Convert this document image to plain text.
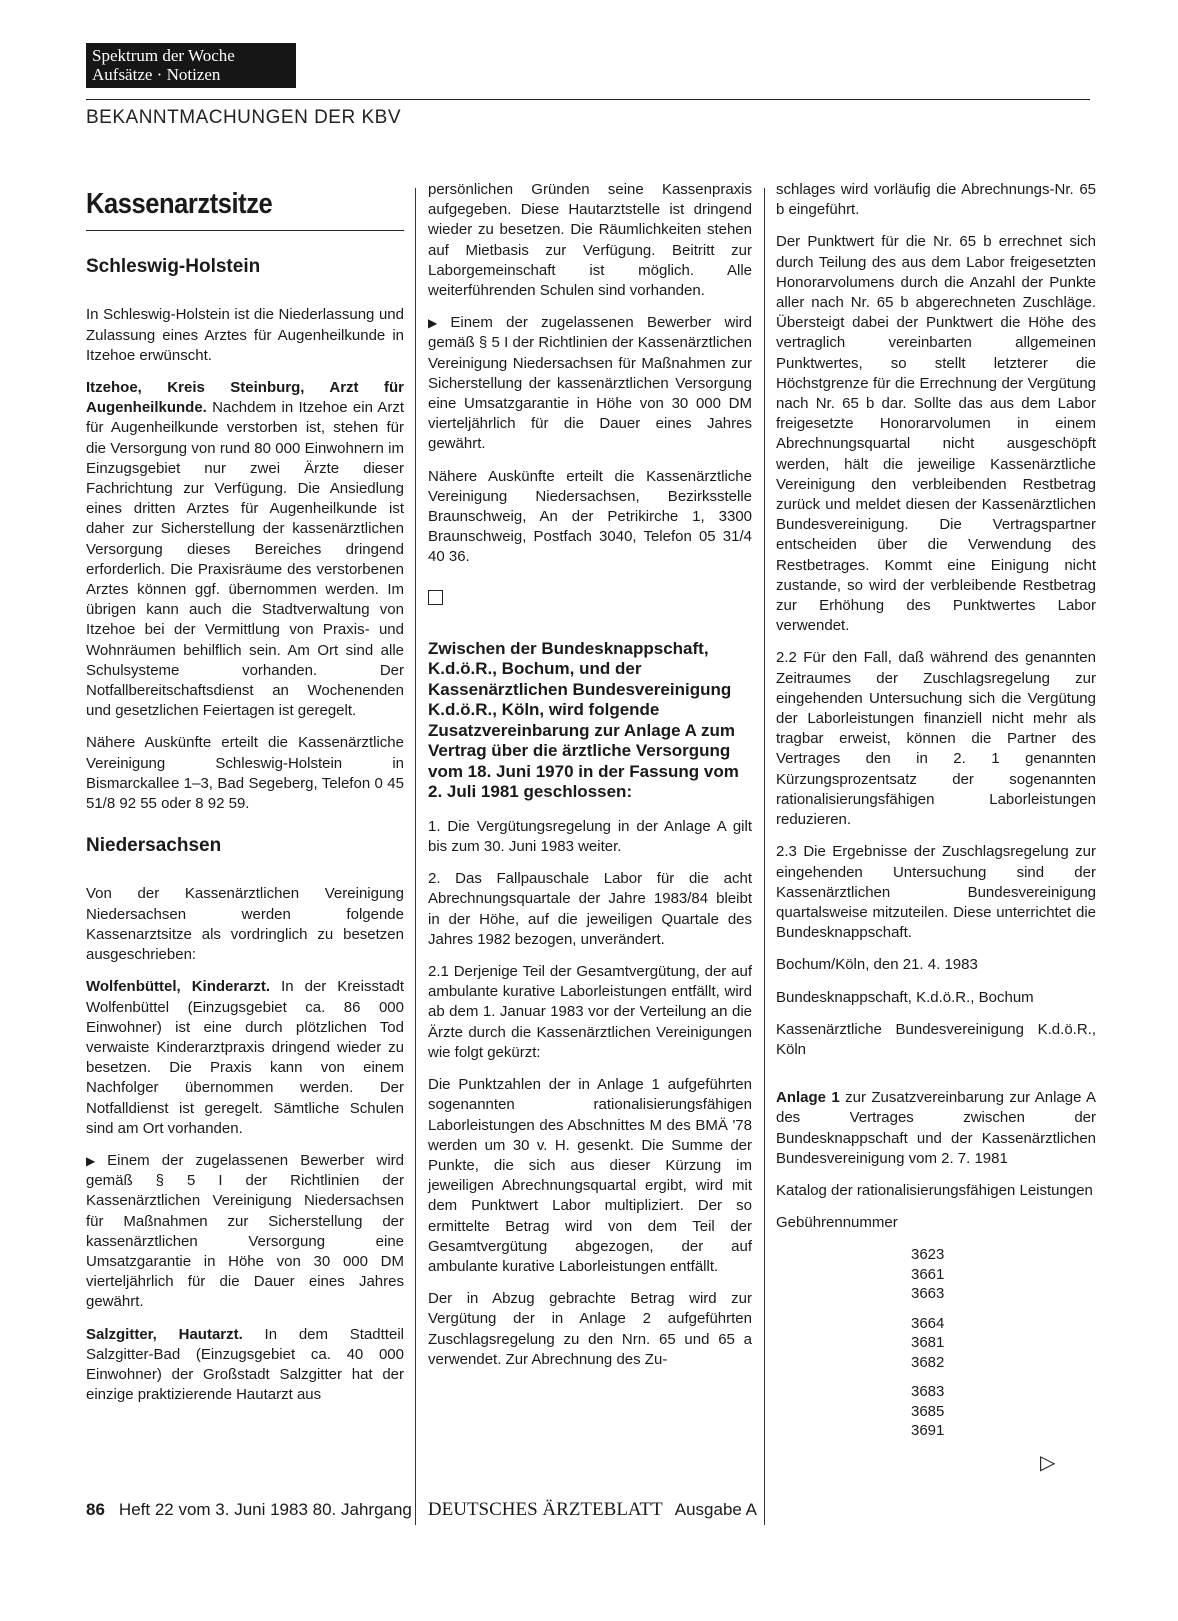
Spektrum der Woche
Aufsätze · Notizen
BEKANNTMACHUNGEN DER KBV
Kassenarztsitze
Schleswig-Holstein

In Schleswig-Holstein ist die Niederlassung und Zulassung eines Arztes für Augenheilkunde in Itzehoe erwünscht.

Itzehoe, Kreis Steinburg, Arzt für Augenheilkunde. Nachdem in Itzehoe ein Arzt für Augenheilkunde verstorben ist, stehen für die Versorgung von rund 80 000 Einwohnern im Einzugsgebiet nur zwei Ärzte dieser Fachrichtung zur Verfügung. Die Ansiedlung eines dritten Arztes für Augenheilkunde ist daher zur Sicherstellung der kassenärztlichen Versorgung dieses Bereiches dringend erforderlich. Die Praxisräume des verstorbenen Arztes können ggf. übernommen werden. Im übrigen kann auch die Stadtverwaltung von Itzehoe bei der Vermittlung von Praxis- und Wohnräumen behilflich sein. Am Ort sind alle Schulsysteme vorhanden. Der Notfallbereitschaftsdienst an Wochenenden und gesetzlichen Feiertagen ist geregelt.

Nähere Auskünfte erteilt die Kassenärztliche Vereinigung Schleswig-Holstein in Bismarckallee 1–3, Bad Segeberg, Telefon 0 45 51/8 92 55 oder 8 92 59.

Niedersachsen

Von der Kassenärztlichen Vereinigung Niedersachsen werden folgende Kassenarztsitze als vordringlich zu besetzen ausgeschrieben:

Wolfenbüttel, Kinderarzt. In der Kreisstadt Wolfenbüttel (Einzugsgebiet ca. 86 000 Einwohner) ist eine durch plötzlichen Tod verwaiste Kinderarztpraxis dringend wieder zu besetzen. Die Praxis kann von einem Nachfolger übernommen werden. Der Notfalldienst ist geregelt. Sämtliche Schulen sind am Ort vorhanden.

▶ Einem der zugelassenen Bewerber wird gemäß § 5 I der Richtlinien der Kassenärztlichen Vereinigung Niedersachsen für Maßnahmen zur Sicherstellung der kassenärztlichen Versorgung eine Umsatzgarantie in Höhe von 30 000 DM vierteljährlich für die Dauer eines Jahres gewährt.

Salzgitter, Hautarzt. In dem Stadtteil Salzgitter-Bad (Einzugsgebiet ca. 40 000 Einwohner) der Großstadt Salzgitter hat der einzige praktizierende Hautarzt aus

persönlichen Gründen seine Kassenpraxis aufgegeben. Diese Hautarztstelle ist dringend wieder zu besetzen. Die Räumlichkeiten stehen auf Mietbasis zur Verfügung. Beitritt zur Laborgemeinschaft ist möglich. Alle weiterführenden Schulen sind vorhanden.

▶ Einem der zugelassenen Bewerber wird gemäß § 5 I der Richtlinien der Kassenärztlichen Vereinigung Niedersachsen für Maßnahmen zur Sicherstellung der kassenärztlichen Versorgung eine Umsatzgarantie in Höhe von 30 000 DM vierteljährlich für die Dauer eines Jahres gewährt.

Nähere Auskünfte erteilt die Kassenärztliche Vereinigung Niedersachsen, Bezirksstelle Braunschweig, An der Petrikirche 1, 3300 Braunschweig, Postfach 3040, Telefon 05 31/4 40 36.

Zwischen der Bundesknappschaft, K.d.ö.R., Bochum, und der Kassenärztlichen Bundesvereinigung K.d.ö.R., Köln, wird folgende Zusatzvereinbarung zur Anlage A zum Vertrag über die ärztliche Versorgung vom 18. Juni 1970 in der Fassung vom 2. Juli 1981 geschlossen:

1. Die Vergütungsregelung in der Anlage A gilt bis zum 30. Juni 1983 weiter.

2. Das Fallpauschale Labor für die acht Abrechnungsquartale der Jahre 1983/84 bleibt in der Höhe, auf die jeweiligen Quartale des Jahres 1982 bezogen, unverändert.

2.1 Derjenige Teil der Gesamtvergütung, der auf ambulante kurative Laborleistungen entfällt, wird ab dem 1. Januar 1983 vor der Verteilung an die Ärzte durch die Kassenärztlichen Vereinigungen wie folgt gekürzt:

Die Punktzahlen der in Anlage 1 aufgeführten sogenannten rationalisierungsfähigen Laborleistungen des Abschnittes M des BMÄ '78 werden um 30 v. H. gesenkt. Die Summe der Punkte, die sich aus dieser Kürzung im jeweiligen Abrechnungsquartal ergibt, wird mit dem Punktwert Labor multipliziert. Der so ermittelte Betrag wird von dem Teil der Gesamtvergütung abgezogen, der auf ambulante kurative Laborleistungen entfällt.

Der in Abzug gebrachte Betrag wird zur Vergütung der in Anlage 2 aufgeführten Zuschlagsregelung zu den Nrn. 65 und 65 a verwendet. Zur Abrechnung des Zu-

schlages wird vorläufig die Abrechnungs-Nr. 65 b eingeführt.

Der Punktwert für die Nr. 65 b errechnet sich durch Teilung des aus dem Labor freigesetzten Honorarvolumens durch die Anzahl der Punkte aller nach Nr. 65 b abgerechneten Zuschläge. Übersteigt dabei der Punktwert die Höhe des vertraglich vereinbarten allgemeinen Punktwertes, so stellt letzterer die Höchstgrenze für die Errechnung der Vergütung nach Nr. 65 b dar. Sollte das aus dem Labor freigesetzte Honorarvolumen in einem Abrechnungsquartal nicht ausgeschöpft werden, hält die jeweilige Kassenärztliche Vereinigung den verbleibenden Restbetrag zurück und meldet diesen der Kassenärztlichen Bundesvereinigung. Die Vertragspartner entscheiden über die Verwendung des Restbetrages. Kommt eine Einigung nicht zustande, so wird der verbleibende Restbetrag zur Erhöhung des Punktwertes Labor verwendet.

2.2 Für den Fall, daß während des genannten Zeitraumes der Zuschlagsregelung zur eingehenden Untersuchung sich die Vergütung der Laborleistungen finanziell nicht mehr als tragbar erweist, können die Partner des Vertrages den in 2. 1 genannten Kürzungsprozentsatz der sogenannten rationalisierungsfähigen Laborleistungen reduzieren.

2.3 Die Ergebnisse der Zuschlagsregelung zur eingehenden Untersuchung sind der Kassenärztlichen Bundesvereinigung quartalsweise mitzuteilen. Diese unterrichtet die Bundesknappschaft.

Bochum/Köln, den 21. 4. 1983

Bundesknappschaft, K.d.ö.R., Bochum

Kassenärztliche Bundesvereinigung K.d.ö.R., Köln

Anlage 1 zur Zusatzvereinbarung zur Anlage A des Vertrages zwischen der Bundesknappschaft und der Kassenärztlichen Bundesvereinigung vom 2. 7. 1981

Katalog der rationalisierungsfähigen Leistungen

Gebührennummer

3623
3661
3663
3664
3681
3682
3683
3685
3691
▷
86 Heft 22 vom 3. Juni 1983 80. Jahrgang DEUTSCHES ÄRZTEBLATT Ausgabe A
